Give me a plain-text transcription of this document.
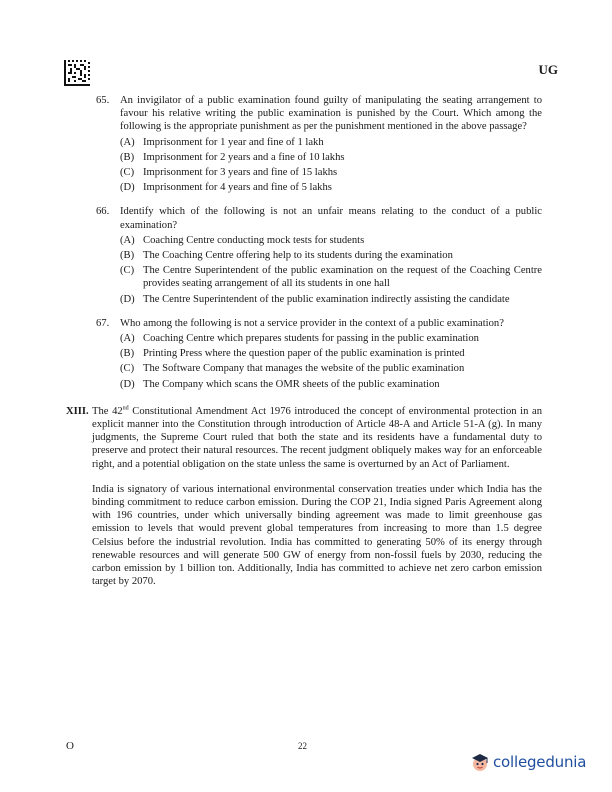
UG
65. An invigilator of a public examination found guilty of manipulating the seating arrangement to favour his relative writing the public examination is punished by the Court. Which among the following is the appropriate punishment as per the punishment mentioned in the above passage?
(A) Imprisonment for 1 year and fine of 1 lakh
(B) Imprisonment for 2 years and a fine of 10 lakhs
(C) Imprisonment for 3 years and fine of 15 lakhs
(D) Imprisonment for 4 years and fine of 5 lakhs
66. Identify which of the following is not an unfair means relating to the conduct of a public examination?
(A) Coaching Centre conducting mock tests for students
(B) The Coaching Centre offering help to its students during the examination
(C) The Centre Superintendent of the public examination on the request of the Coaching Centre provides seating arrangement of all its students in one hall
(D) The Centre Superintendent of the public examination indirectly assisting the candidate
67. Who among the following is not a service provider in the context of a public examination?
(A) Coaching Centre which prepares students for passing in the public examination
(B) Printing Press where the question paper of the public examination is printed
(C) The Software Company that manages the website of the public examination
(D) The Company which scans the OMR sheets of the public examination
XIII. The 42nd Constitutional Amendment Act 1976 introduced the concept of environmental protection in an explicit manner into the Constitution through introduction of Article 48-A and Article 51-A (g). In many judgments, the Supreme Court ruled that both the state and its residents have a fundamental duty to preserve and protect their natural resources. The recent judgment obliquely makes way for an enforceable right, and a potential obligation on the state unless the same is overturned by an Act of Parliament.

India is signatory of various international environmental conservation treaties under which India has the binding commitment to reduce carbon emission. During the COP 21, India signed Paris Agreement along with 196 countries, under which universally binding agreement was made to limit greenhouse gas emission to levels that would prevent global temperatures from increasing to more than 1.5 degree Celsius before the industrial revolution. India has committed to generating 50% of its energy through renewable resources and will generate 500 GW of energy from non-fossil fuels by 2030, reducing the carbon emission by 1 billion ton. Additionally, India has committed to achieve net zero carbon emission target by 2070.

O	22
collegedunia
